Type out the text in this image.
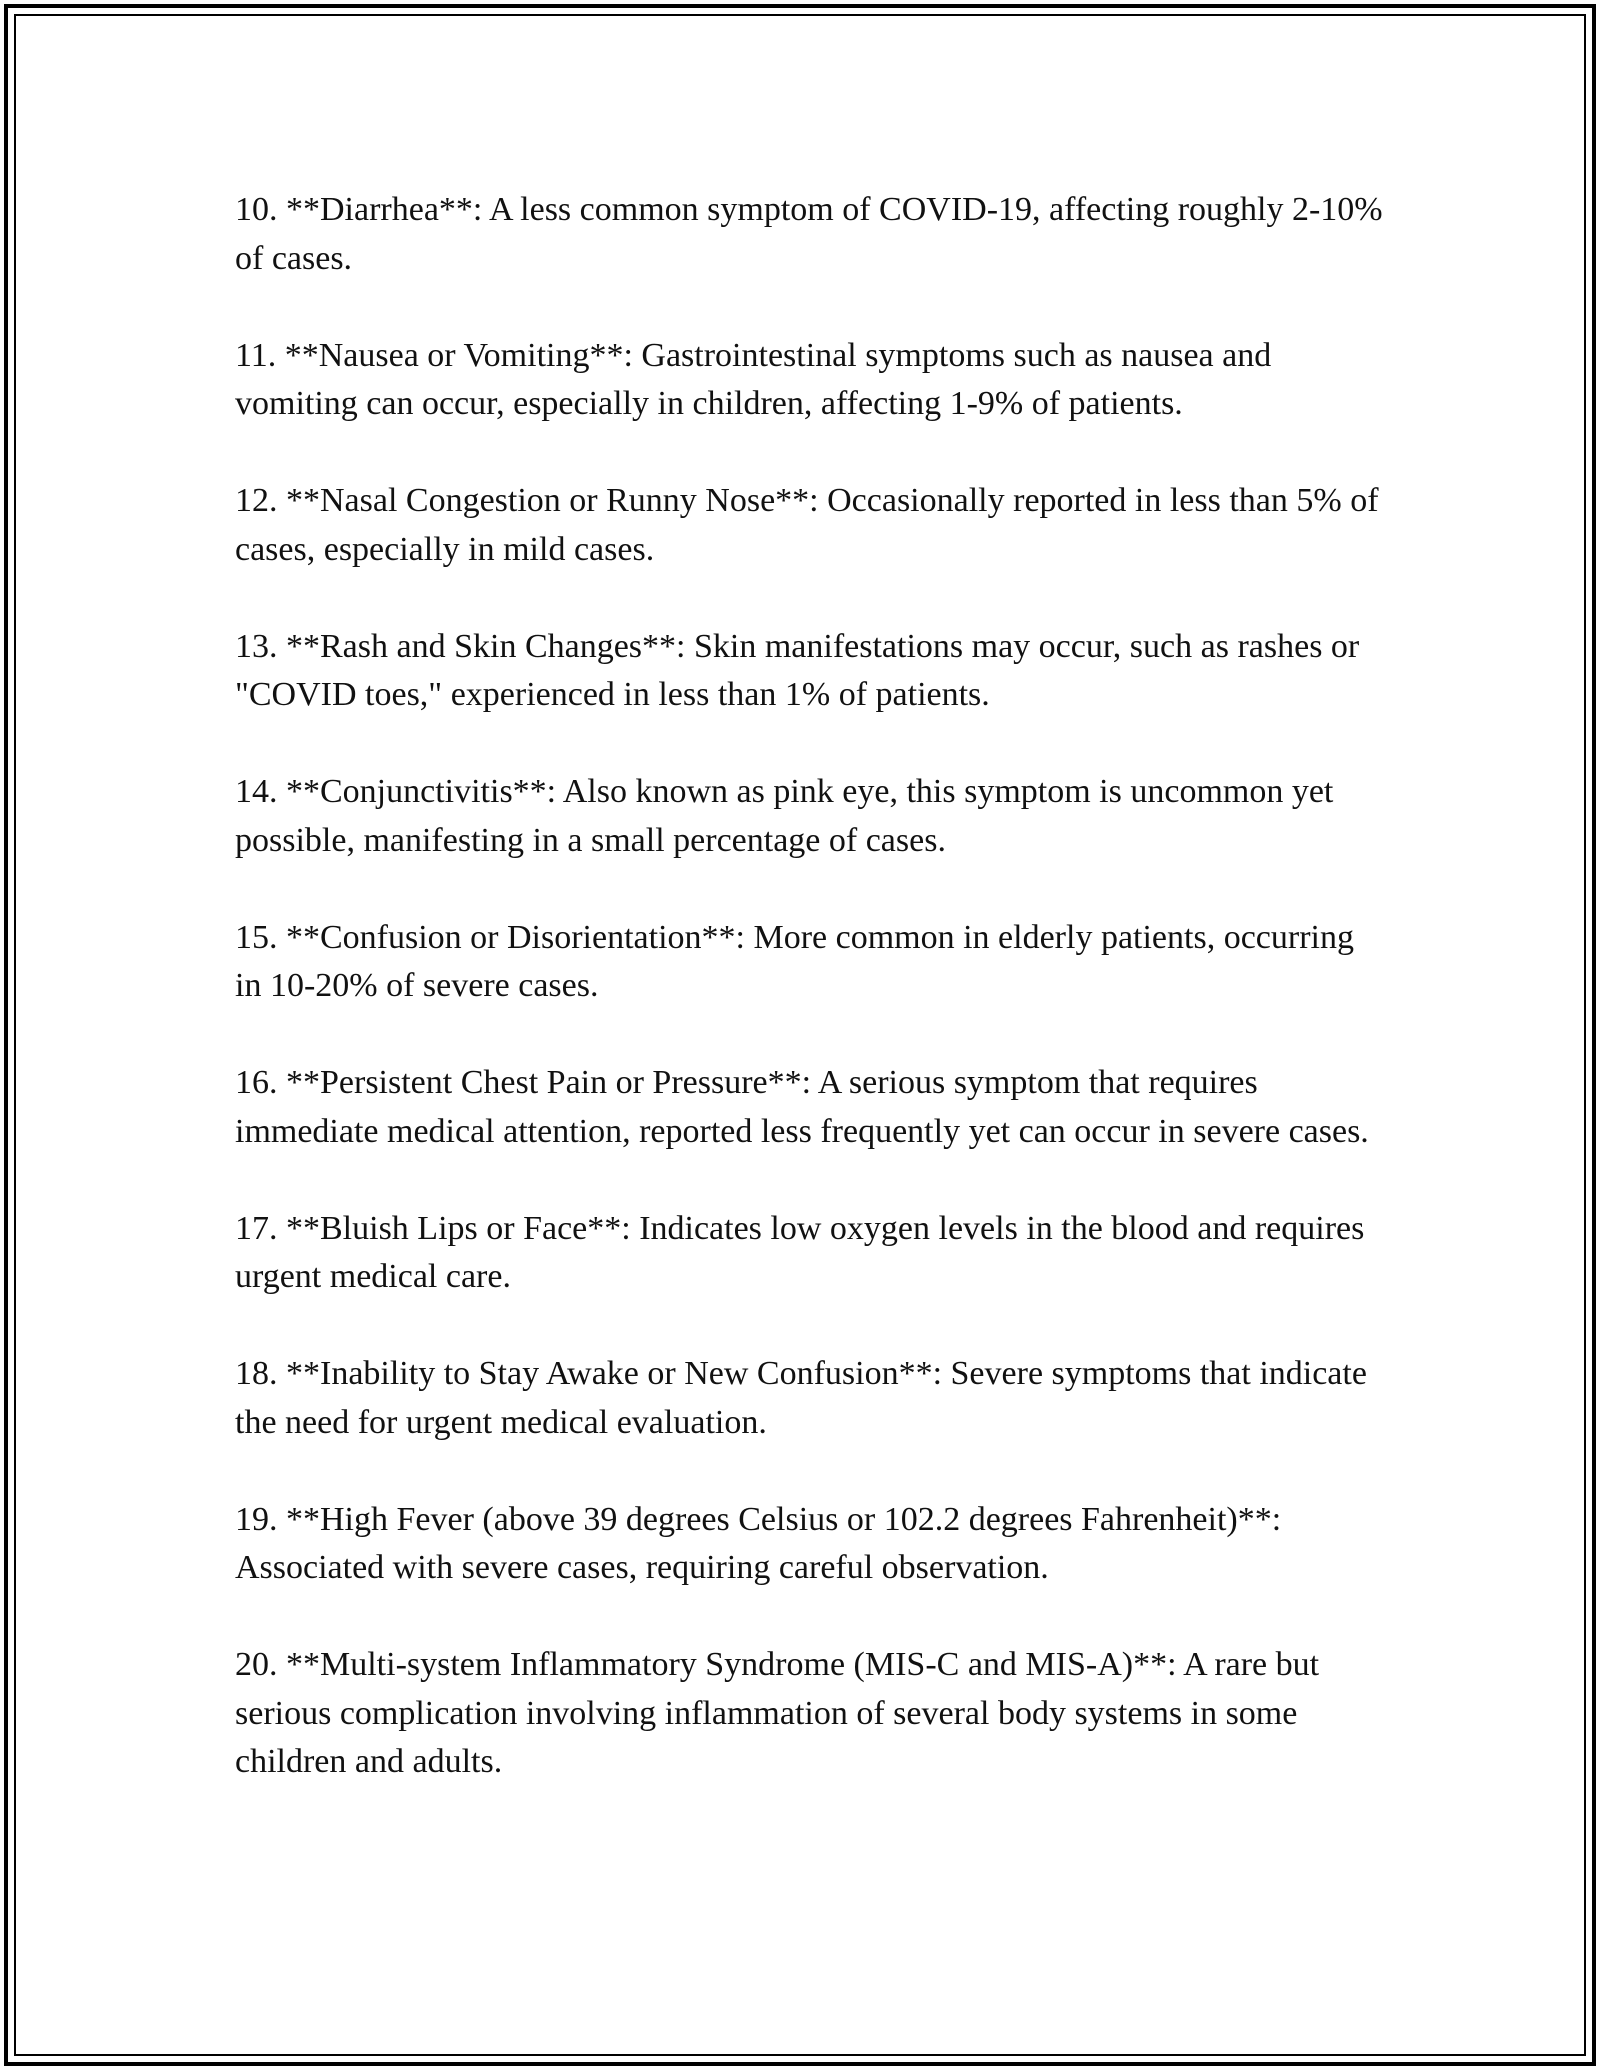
10. **Diarrhea**: A less common symptom of COVID-19, affecting roughly 2-10% of cases.

11. **Nausea or Vomiting**: Gastrointestinal symptoms such as nausea and vomiting can occur, especially in children, affecting 1-9% of patients.

12. **Nasal Congestion or Runny Nose**: Occasionally reported in less than 5% of cases, especially in mild cases.

13. **Rash and Skin Changes**: Skin manifestations may occur, such as rashes or "COVID toes," experienced in less than 1% of patients.

14. **Conjunctivitis**: Also known as pink eye, this symptom is uncommon yet possible, manifesting in a small percentage of cases.

15. **Confusion or Disorientation**: More common in elderly patients, occurring in 10-20% of severe cases.

16. **Persistent Chest Pain or Pressure**: A serious symptom that requires immediate medical attention, reported less frequently yet can occur in severe cases.

17. **Bluish Lips or Face**: Indicates low oxygen levels in the blood and requires urgent medical care.

18. **Inability to Stay Awake or New Confusion**: Severe symptoms that indicate the need for urgent medical evaluation.

19. **High Fever (above 39 degrees Celsius or 102.2 degrees Fahrenheit)**: Associated with severe cases, requiring careful observation.

20. **Multi-system Inflammatory Syndrome (MIS-C and MIS-A)**: A rare but serious complication involving inflammation of several body systems in some children and adults.
